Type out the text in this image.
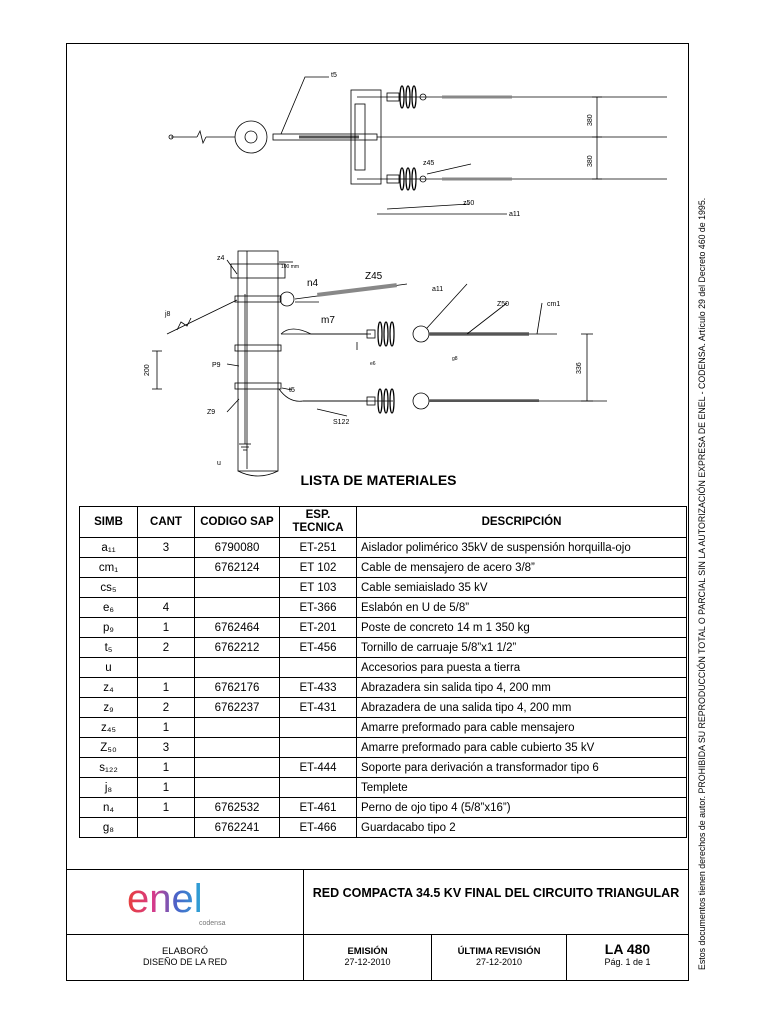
t5
z45
z50
a11
380
380
z4
100 mm
n4
Z45
a11
Z50	cm1
m7
j8
e6
g8
P9
t5
Z9
S122
u
200	336
LISTA DE MATERIALES
SIMB	CANT	CODIGO SAP	ESP. TECNICA	DESCRIPCIÓN
a₁₁	3	6790080	ET-251	Aislador polimérico 35kV de suspensión horquilla-ojo
cm₁		6762124	ET 102	Cable de mensajero de acero 3/8”
cs₅			ET 103	Cable semiaislado 35 kV
e₆	4		ET-366	Eslabón en U de 5/8”
p₉	1	6762464	ET-201	Poste de concreto 14 m 1 350 kg
t₅	2	6762212	ET-456	Tornillo de carruaje 5/8”x1 1/2”
u				Accesorios para puesta a tierra
z₄	1	6762176	ET-433	Abrazadera sin salida tipo 4, 200 mm
z₉	2	6762237	ET-431	Abrazadera de una salida tipo 4, 200 mm
z₄₅	1			Amarre preformado para cable mensajero
Z₅₀	3			Amarre preformado para cable cubierto 35 kV
s₁₂₂	1		ET-444	Soporte para derivación a transformador tipo 6
j₈	1			Templete
n₄	1	6762532	ET-461	Perno de ojo tipo 4 (5/8”x16”)
g₈		6762241	ET-466	Guardacabo tipo 2
enel
codensa
RED COMPACTA 34.5 KV FINAL DEL CIRCUITO TRIANGULAR
ELABORÓ
DISEÑO DE LA RED
EMISIÓN
27-12-2010
ÚLTIMA REVISIÓN
27-12-2010
LA 480
Pág. 1 de 1	Estos documentos tienen derechos de autor. PROHIBIDA SU REPRODUCCIÓN TOTAL O PARCIAL SIN LA AUTORIZACIÓN EXPRESA DE ENEL - CODENSA. Artículo 29 del Decreto 460 de 1995.
